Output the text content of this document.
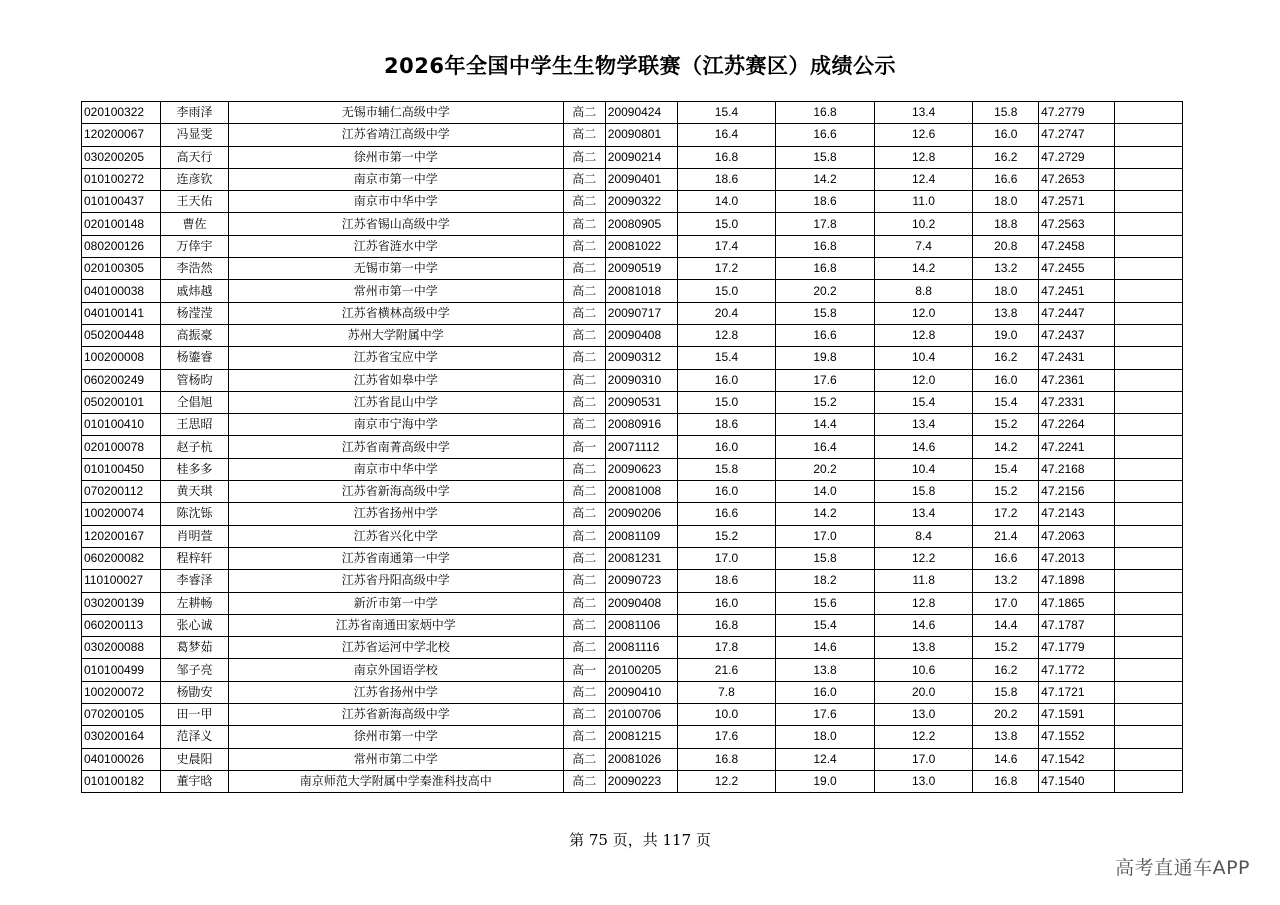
2026年全国中学生生物学联赛（江苏赛区）成绩公示
020100322	李雨泽	无锡市辅仁高级中学	高二	20090424	15.4	16.8	13.4	15.8	47.2779	
120200067	冯显雯	江苏省靖江高级中学	高二	20090801	16.4	16.6	12.6	16.0	47.2747	
030200205	高天行	徐州市第一中学	高二	20090214	16.8	15.8	12.8	16.2	47.2729	
010100272	连彦钦	南京市第一中学	高二	20090401	18.6	14.2	12.4	16.6	47.2653	
010100437	王天佑	南京市中华中学	高二	20090322	14.0	18.6	11.0	18.0	47.2571	
020100148	曹佐	江苏省锡山高级中学	高二	20080905	15.0	17.8	10.2	18.8	47.2563	
080200126	万倖宇	江苏省涟水中学	高二	20081022	17.4	16.8	7.4	20.8	47.2458	
020100305	李浩然	无锡市第一中学	高二	20090519	17.2	16.8	14.2	13.2	47.2455	
040100038	戚炜越	常州市第一中学	高二	20081018	15.0	20.2	8.8	18.0	47.2451	
040100141	杨滢滢	江苏省横林高级中学	高二	20090717	20.4	15.8	12.0	13.8	47.2447	
050200448	高振豪	苏州大学附属中学	高二	20090408	12.8	16.6	12.8	19.0	47.2437	
100200008	杨鎏睿	江苏省宝应中学	高二	20090312	15.4	19.8	10.4	16.2	47.2431	
060200249	管杨昀	江苏省如皋中学	高二	20090310	16.0	17.6	12.0	16.0	47.2361	
050200101	仝倡旭	江苏省昆山中学	高二	20090531	15.0	15.2	15.4	15.4	47.2331	
010100410	王思昭	南京市宁海中学	高二	20080916	18.6	14.4	13.4	15.2	47.2264	
020100078	赵子杭	江苏省南菁高级中学	高一	20071112	16.0	16.4	14.6	14.2	47.2241	
010100450	桂多多	南京市中华中学	高二	20090623	15.8	20.2	10.4	15.4	47.2168	
070200112	黄天琪	江苏省新海高级中学	高二	20081008	16.0	14.0	15.8	15.2	47.2156	
100200074	陈沈铄	江苏省扬州中学	高二	20090206	16.6	14.2	13.4	17.2	47.2143	
120200167	肖明萱	江苏省兴化中学	高二	20081109	15.2	17.0	8.4	21.4	47.2063	
060200082	程梓轩	江苏省南通第一中学	高二	20081231	17.0	15.8	12.2	16.6	47.2013	
110100027	李睿泽	江苏省丹阳高级中学	高二	20090723	18.6	18.2	11.8	13.2	47.1898	
030200139	左耕畅	新沂市第一中学	高二	20090408	16.0	15.6	12.8	17.0	47.1865	
060200113	张心诚	江苏省南通田家炳中学	高二	20081106	16.8	15.4	14.6	14.4	47.1787	
030200088	葛梦茹	江苏省运河中学北校	高二	20081116	17.8	14.6	13.8	15.2	47.1779	
010100499	邹子亮	南京外国语学校	高一	20100205	21.6	13.8	10.6	16.2	47.1772	
100200072	杨勖安	江苏省扬州中学	高二	20090410	7.8	16.0	20.0	15.8	47.1721	
070200105	田一甲	江苏省新海高级中学	高二	20100706	10.0	17.6	13.0	20.2	47.1591	
030200164	范泽义	徐州市第一中学	高二	20081215	17.6	18.0	12.2	13.8	47.1552	
040100026	史晨阳	常州市第二中学	高二	20081026	16.8	12.4	17.0	14.6	47.1542	
010100182	董宇晗	南京师范大学附属中学秦淮科技高中	高二	20090223	12.2	19.0	13.0	16.8	47.1540	
第 75 页，共 117 页
高考直通车APP
